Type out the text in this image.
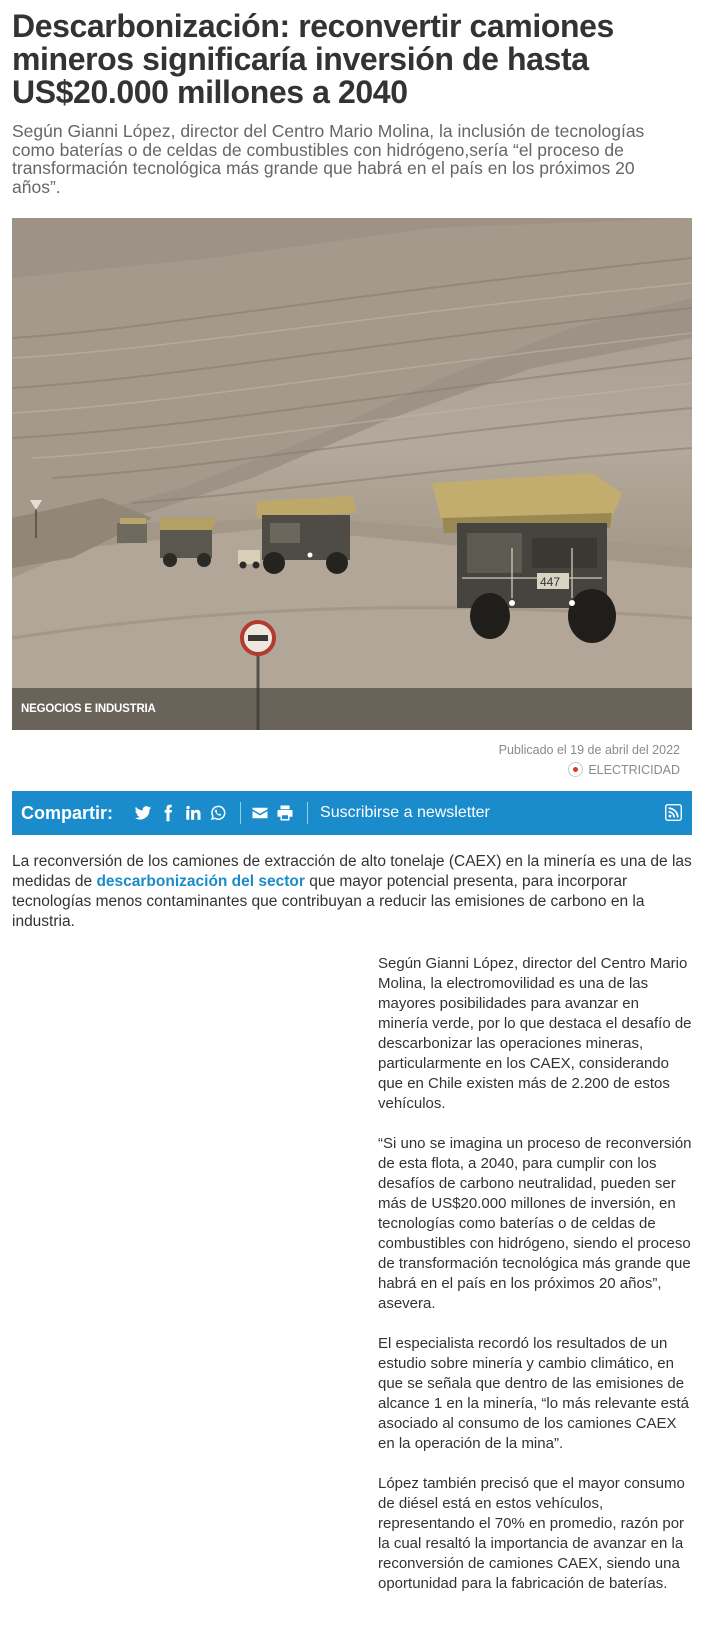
Descarbonización: reconvertir camiones mineros significaría inversión de hasta US$20.000 millones a 2040

Según Gianni López, director del Centro Mario Molina, la inclusión de tecnologías como baterías o de celdas de combustibles con hidrógeno,sería “el proceso de transformación tecnológica más grande que habrá en el país en los próximos 20 años”.

447
NEGOCIOS E INDUSTRIA
Publicado el 19 de abril del 2022
ELECTRICIDAD
Compartir:	Suscribirse a newsletter

La reconversión de los camiones de extracción de alto tonelaje (CAEX) en la minería es una de las medidas de descarbonización del sector que mayor potencial presenta, para incorporar tecnologías menos contaminantes que contribuyan a reducir las emisiones de carbono en la industria.

Según Gianni López, director del Centro Mario Molina, la electromovilidad es una de las mayores posibilidades para avanzar en minería verde, por lo que destaca el desafío de descarbonizar las operaciones mineras, particularmente en los CAEX, considerando que en Chile existen más de 2.200 de estos vehículos.

“Si uno se imagina un proceso de reconversión de esta flota, a 2040, para cumplir con los desafíos de carbono neutralidad, pueden ser más de US$20.000 millones de inversión, en tecnologías como baterías o de celdas de combustibles con hidrógeno, siendo el proceso de transformación tecnológica más grande que habrá en el país en los próximos 20 años”, asevera.

El especialista recordó los resultados de un estudio sobre minería y cambio climático, en que se señala que dentro de las emisiones de alcance 1 en la minería, “lo más relevante está asociado al consumo de los camiones CAEX en la operación de la mina”.

López también precisó que el mayor consumo de diésel está en estos vehículos, representando el 70% en promedio, razón por la cual resaltó la importancia de avanzar en la reconversión de camiones CAEX, siendo una oportunidad para la fabricación de baterías.
